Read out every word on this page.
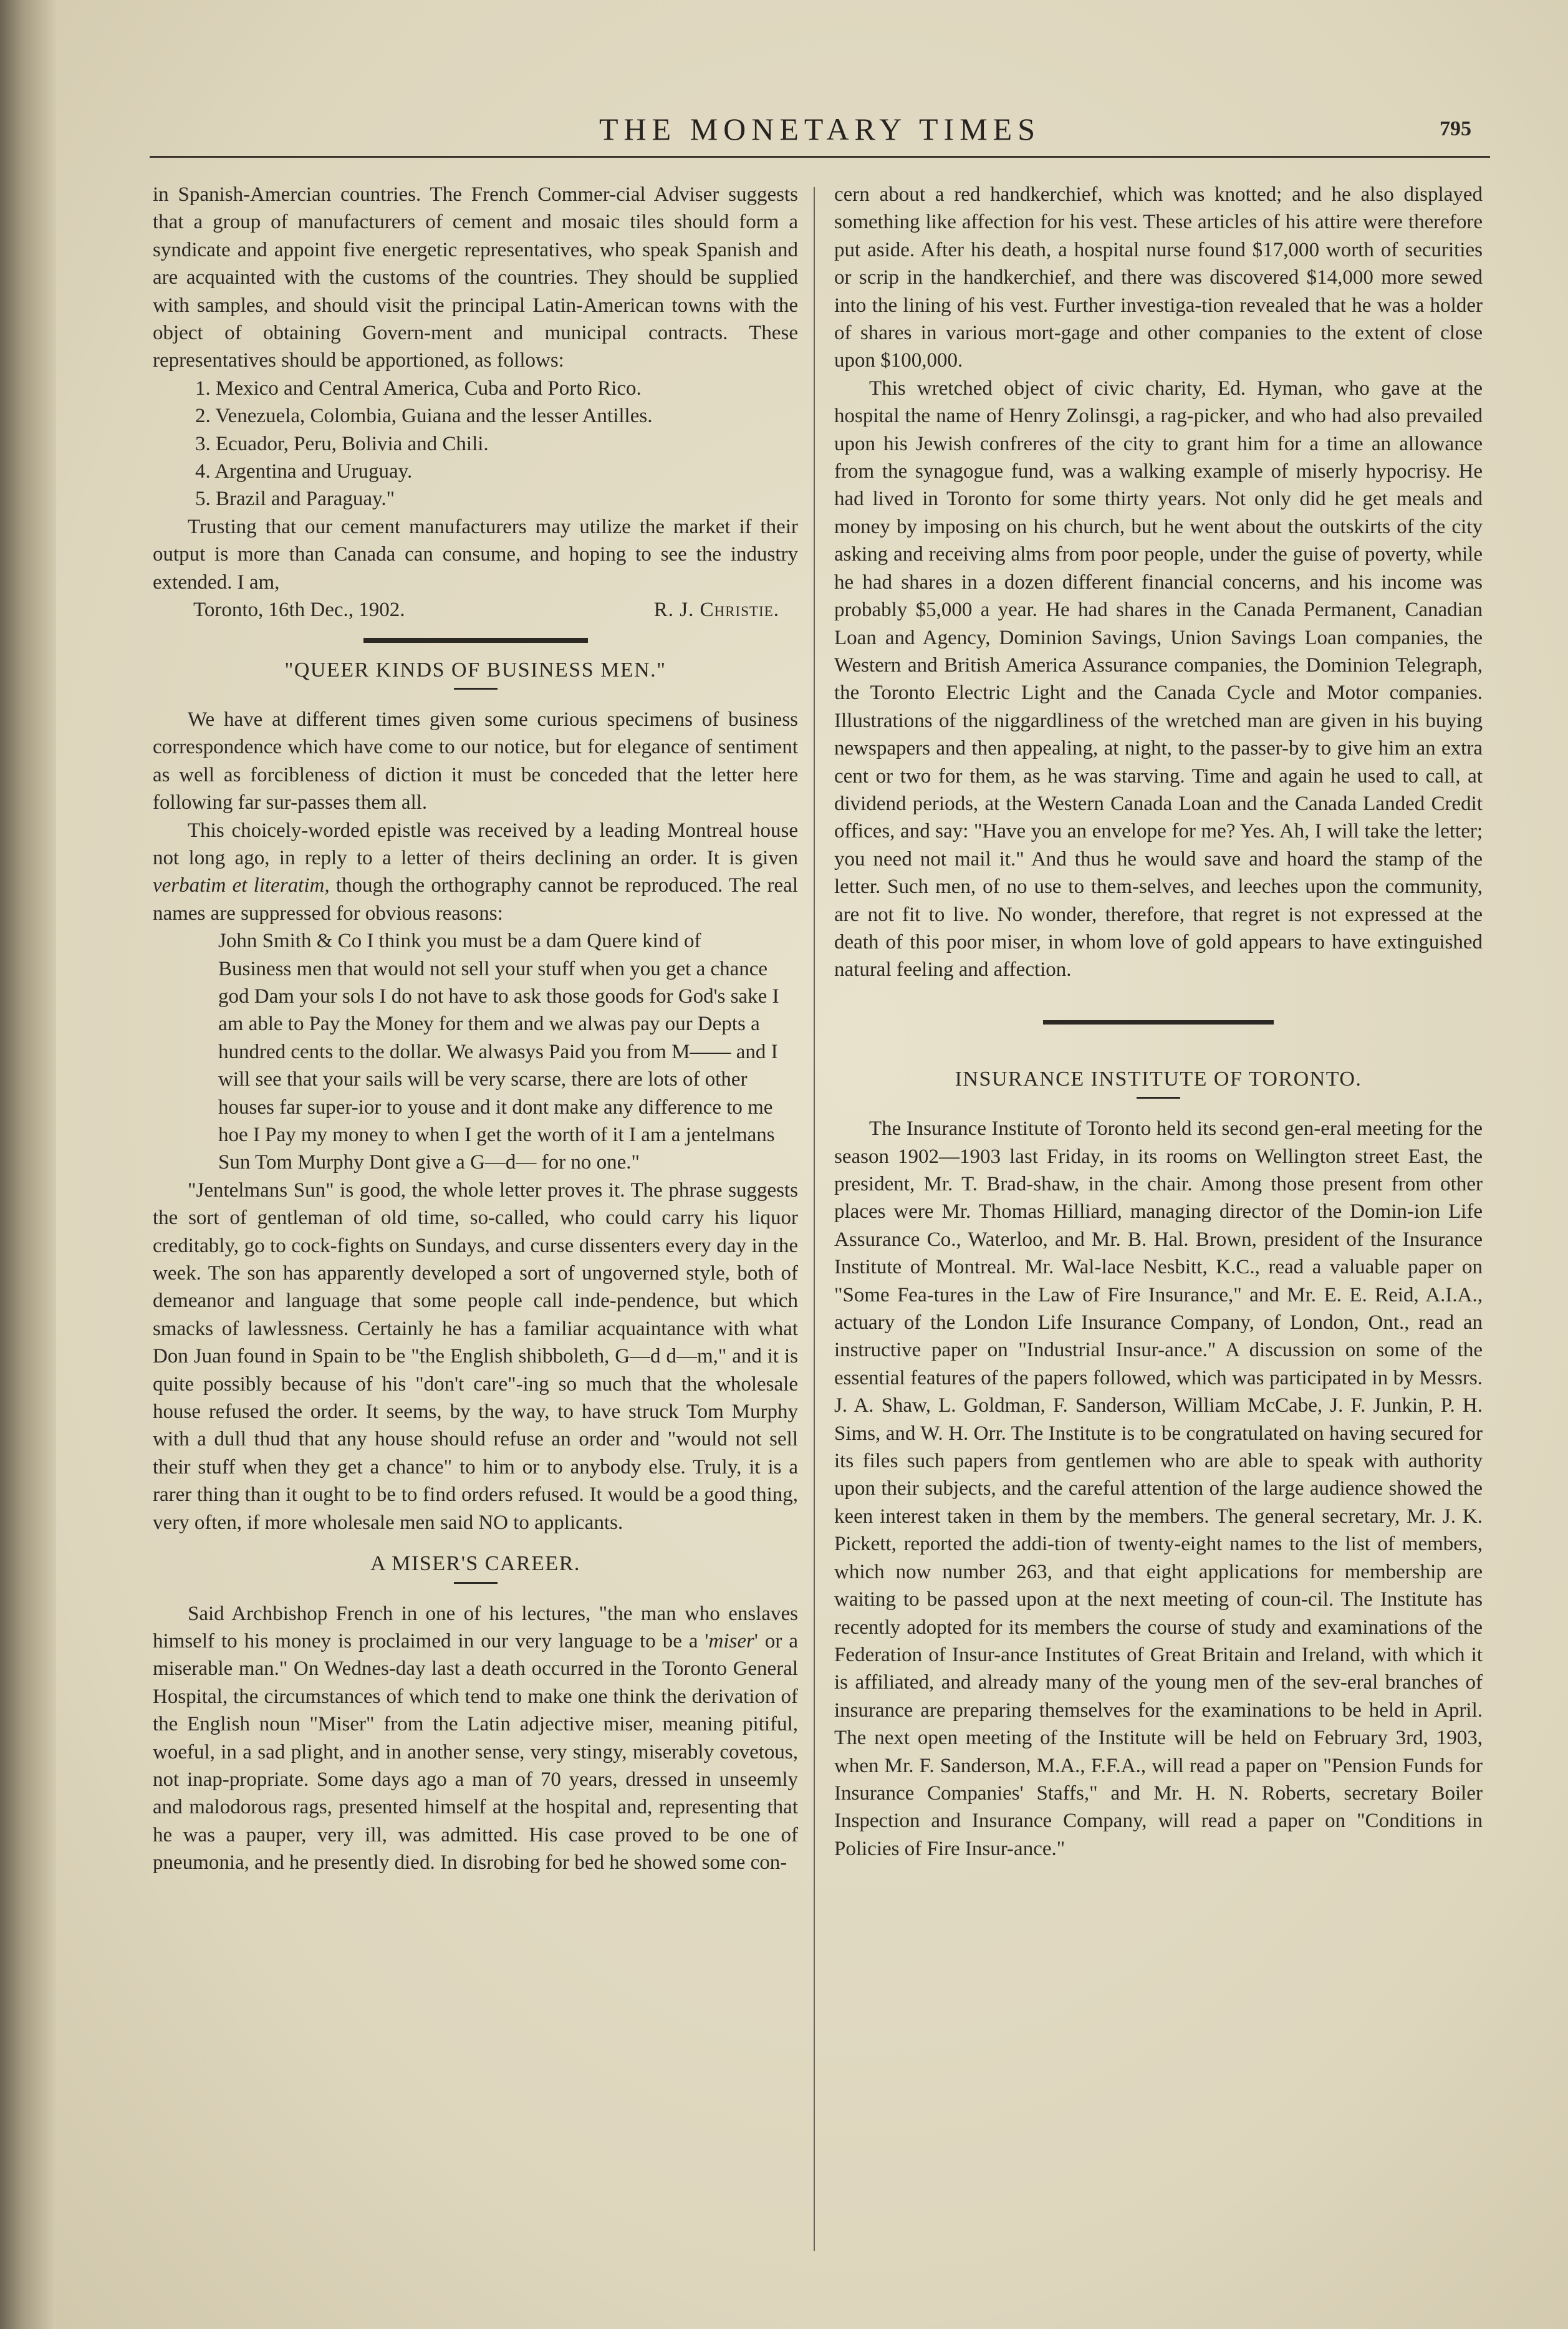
THE MONETARY TIMES	795

in Spanish-Amercian countries. The French Commer-cial Adviser suggests that a group of manufacturers of cement and mosaic tiles should form a syndicate and appoint five energetic representatives, who speak Spanish and are acquainted with the customs of the countries. They should be supplied with samples, and should visit the principal Latin-American towns with the object of obtaining Govern-ment and municipal contracts. These representatives should be apportioned, as follows:

1. Mexico and Central America, Cuba and Porto Rico.
2. Venezuela, Colombia, Guiana and the lesser Antilles.
3. Ecuador, Peru, Bolivia and Chili.
4. Argentina and Uruguay.
5. Brazil and Paraguay."

Trusting that our cement manufacturers may utilize the market if their output is more than Canada can consume, and hoping to see the industry extended. I am,

Toronto, 16th Dec., 1902.	R. J. Christie.
"QUEER KINDS OF BUSINESS MEN."

We have at different times given some curious specimens of business correspondence which have come to our notice, but for elegance of sentiment as well as forcibleness of diction it must be conceded that the letter here following far sur-passes them all.

This choicely-worded epistle was received by a leading Montreal house not long ago, in reply to a letter of theirs declining an order. It is given verbatim et literatim, though the orthography cannot be reproduced. The real names are suppressed for obvious reasons:

John Smith & Co I think you must be a dam Quere kind of Business men that would not sell your stuff when you get a chance god Dam your sols I do not have to ask those goods for God's sake I am able to Pay the Money for them and we alwas pay our Depts a hundred cents to the dollar. We alwasys Paid you from M—— and I will see that your sails will be very scarse, there are lots of other houses far super-ior to youse and it dont make any difference to me hoe I Pay my money to when I get the worth of it I am a jentelmans Sun Tom Murphy Dont give a G—d— for no one."

"Jentelmans Sun" is good, the whole letter proves it. The phrase suggests the sort of gentleman of old time, so-called, who could carry his liquor creditably, go to cock-fights on Sundays, and curse dissenters every day in the week. The son has apparently developed a sort of ungoverned style, both of demeanor and language that some people call inde-pendence, but which smacks of lawlessness. Certainly he has a familiar acquaintance with what Don Juan found in Spain to be "the English shibboleth, G—d d—m," and it is quite possibly because of his "don't care"-ing so much that the wholesale house refused the order. It seems, by the way, to have struck Tom Murphy with a dull thud that any house should refuse an order and "would not sell their stuff when they get a chance" to him or to anybody else. Truly, it is a rarer thing than it ought to be to find orders refused. It would be a good thing, very often, if more wholesale men said NO to applicants.

A MISER'S CAREER.

Said Archbishop French in one of his lectures, "the man who enslaves himself to his money is proclaimed in our very language to be a 'miser' or a miserable man." On Wednes-day last a death occurred in the Toronto General Hospital, the circumstances of which tend to make one think the derivation of the English noun "Miser" from the Latin adjective miser, meaning pitiful, woeful, in a sad plight, and in another sense, very stingy, miserably covetous, not inap-propriate. Some days ago a man of 70 years, dressed in unseemly and malodorous rags, presented himself at the hospital and, representing that he was a pauper, very ill, was admitted. His case proved to be one of pneumonia, and he presently died. In disrobing for bed he showed some con-

cern about a red handkerchief, which was knotted; and he also displayed something like affection for his vest. These articles of his attire were therefore put aside. After his death, a hospital nurse found $17,000 worth of securities or scrip in the handkerchief, and there was discovered $14,000 more sewed into the lining of his vest. Further investiga-tion revealed that he was a holder of shares in various mort-gage and other companies to the extent of close upon $100,000.

This wretched object of civic charity, Ed. Hyman, who gave at the hospital the name of Henry Zolinsgi, a rag-picker, and who had also prevailed upon his Jewish confreres of the city to grant him for a time an allowance from the synagogue fund, was a walking example of miserly hypocrisy. He had lived in Toronto for some thirty years. Not only did he get meals and money by imposing on his church, but he went about the outskirts of the city asking and receiving alms from poor people, under the guise of poverty, while he had shares in a dozen different financial concerns, and his income was probably $5,000 a year. He had shares in the Canada Permanent, Canadian Loan and Agency, Dominion Savings, Union Savings Loan companies, the Western and British America Assurance companies, the Dominion Telegraph, the Toronto Electric Light and the Canada Cycle and Motor companies. Illustrations of the niggardliness of the wretched man are given in his buying newspapers and then appealing, at night, to the passer-by to give him an extra cent or two for them, as he was starving. Time and again he used to call, at dividend periods, at the Western Canada Loan and the Canada Landed Credit offices, and say: "Have you an envelope for me? Yes. Ah, I will take the letter; you need not mail it." And thus he would save and hoard the stamp of the letter. Such men, of no use to them-selves, and leeches upon the community, are not fit to live. No wonder, therefore, that regret is not expressed at the death of this poor miser, in whom love of gold appears to have extinguished natural feeling and affection.

INSURANCE INSTITUTE OF TORONTO.

The Insurance Institute of Toronto held its second gen-eral meeting for the season 1902—1903 last Friday, in its rooms on Wellington street East, the president, Mr. T. Brad-shaw, in the chair. Among those present from other places were Mr. Thomas Hilliard, managing director of the Domin-ion Life Assurance Co., Waterloo, and Mr. B. Hal. Brown, president of the Insurance Institute of Montreal. Mr. Wal-lace Nesbitt, K.C., read a valuable paper on "Some Fea-tures in the Law of Fire Insurance," and Mr. E. E. Reid, A.I.A., actuary of the London Life Insurance Company, of London, Ont., read an instructive paper on "Industrial Insur-ance." A discussion on some of the essential features of the papers followed, which was participated in by Messrs. J. A. Shaw, L. Goldman, F. Sanderson, William McCabe, J. F. Junkin, P. H. Sims, and W. H. Orr. The Institute is to be congratulated on having secured for its files such papers from gentlemen who are able to speak with authority upon their subjects, and the careful attention of the large audience showed the keen interest taken in them by the members. The general secretary, Mr. J. K. Pickett, reported the addi-tion of twenty-eight names to the list of members, which now number 263, and that eight applications for membership are waiting to be passed upon at the next meeting of coun-cil. The Institute has recently adopted for its members the course of study and examinations of the Federation of Insur-ance Institutes of Great Britain and Ireland, with which it is affiliated, and already many of the young men of the sev-eral branches of insurance are preparing themselves for the examinations to be held in April. The next open meeting of the Institute will be held on February 3rd, 1903, when Mr. F. Sanderson, M.A., F.F.A., will read a paper on "Pension Funds for Insurance Companies' Staffs," and Mr. H. N. Roberts, secretary Boiler Inspection and Insurance Company, will read a paper on "Conditions in Policies of Fire Insur-ance."
